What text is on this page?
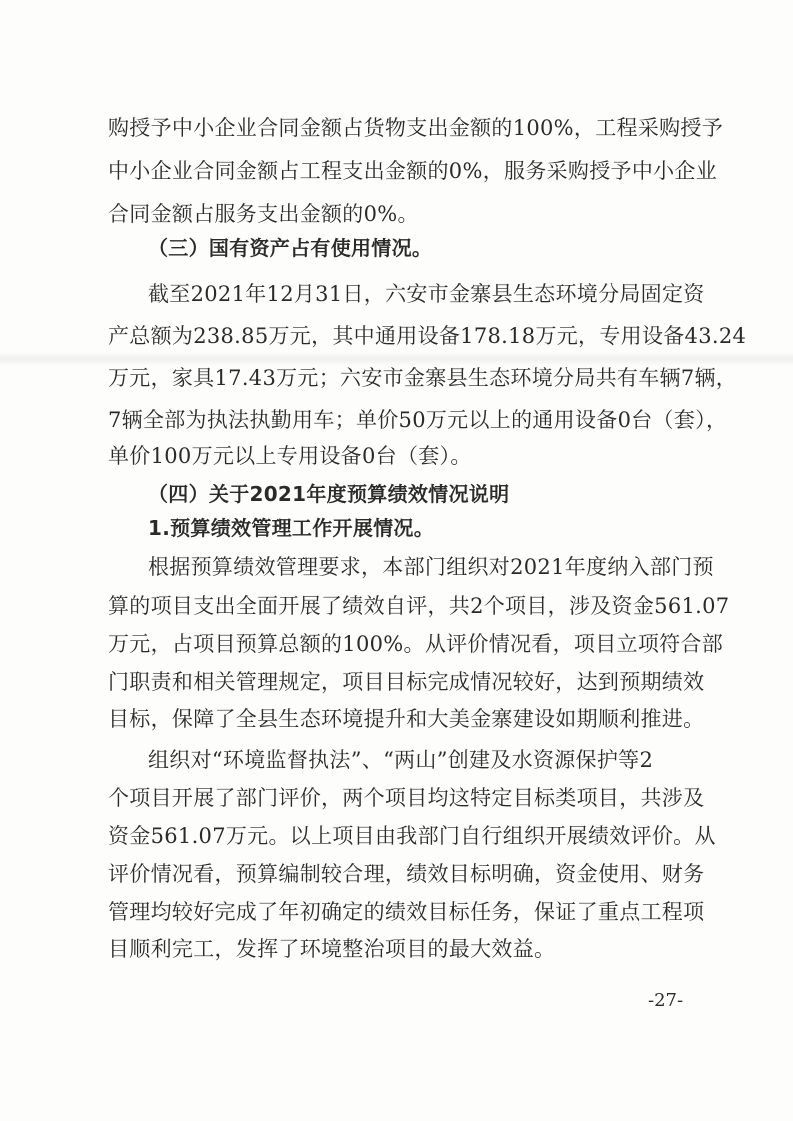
购授予中小企业合同金额占货物支出金额的100%，工程采购授予
中小企业合同金额占工程支出金额的0%，服务采购授予中小企业
合同金额占服务支出金额的0%。
（三）国有资产占有使用情况。
截至2021年12月31日，六安市金寨县生态环境分局固定资
产总额为238.85万元，其中通用设备178.18万元，专用设备43.24
万元，家具17.43万元；六安市金寨县生态环境分局共有车辆7辆，
7辆全部为执法执勤用车；单价50万元以上的通用设备0台（套），
单价100万元以上专用设备0台（套）。
（四）关于2021年度预算绩效情况说明
1.预算绩效管理工作开展情况。
根据预算绩效管理要求，本部门组织对2021年度纳入部门预
算的项目支出全面开展了绩效自评，共2个项目，涉及资金561.07
万元，占项目预算总额的100%。从评价情况看，项目立项符合部
门职责和相关管理规定，项目目标完成情况较好，达到预期绩效
目标，保障了全县生态环境提升和大美金寨建设如期顺利推进。
组织对“环境监督执法”、“两山”创建及水资源保护等2
个项目开展了部门评价，两个项目均这特定目标类项目，共涉及
资金561.07万元。以上项目由我部门自行组织开展绩效评价。从
评价情况看，预算编制较合理，绩效目标明确，资金使用、财务
管理均较好完成了年初确定的绩效目标任务，保证了重点工程项
目顺利完工，发挥了环境整治项目的最大效益。
-27-
